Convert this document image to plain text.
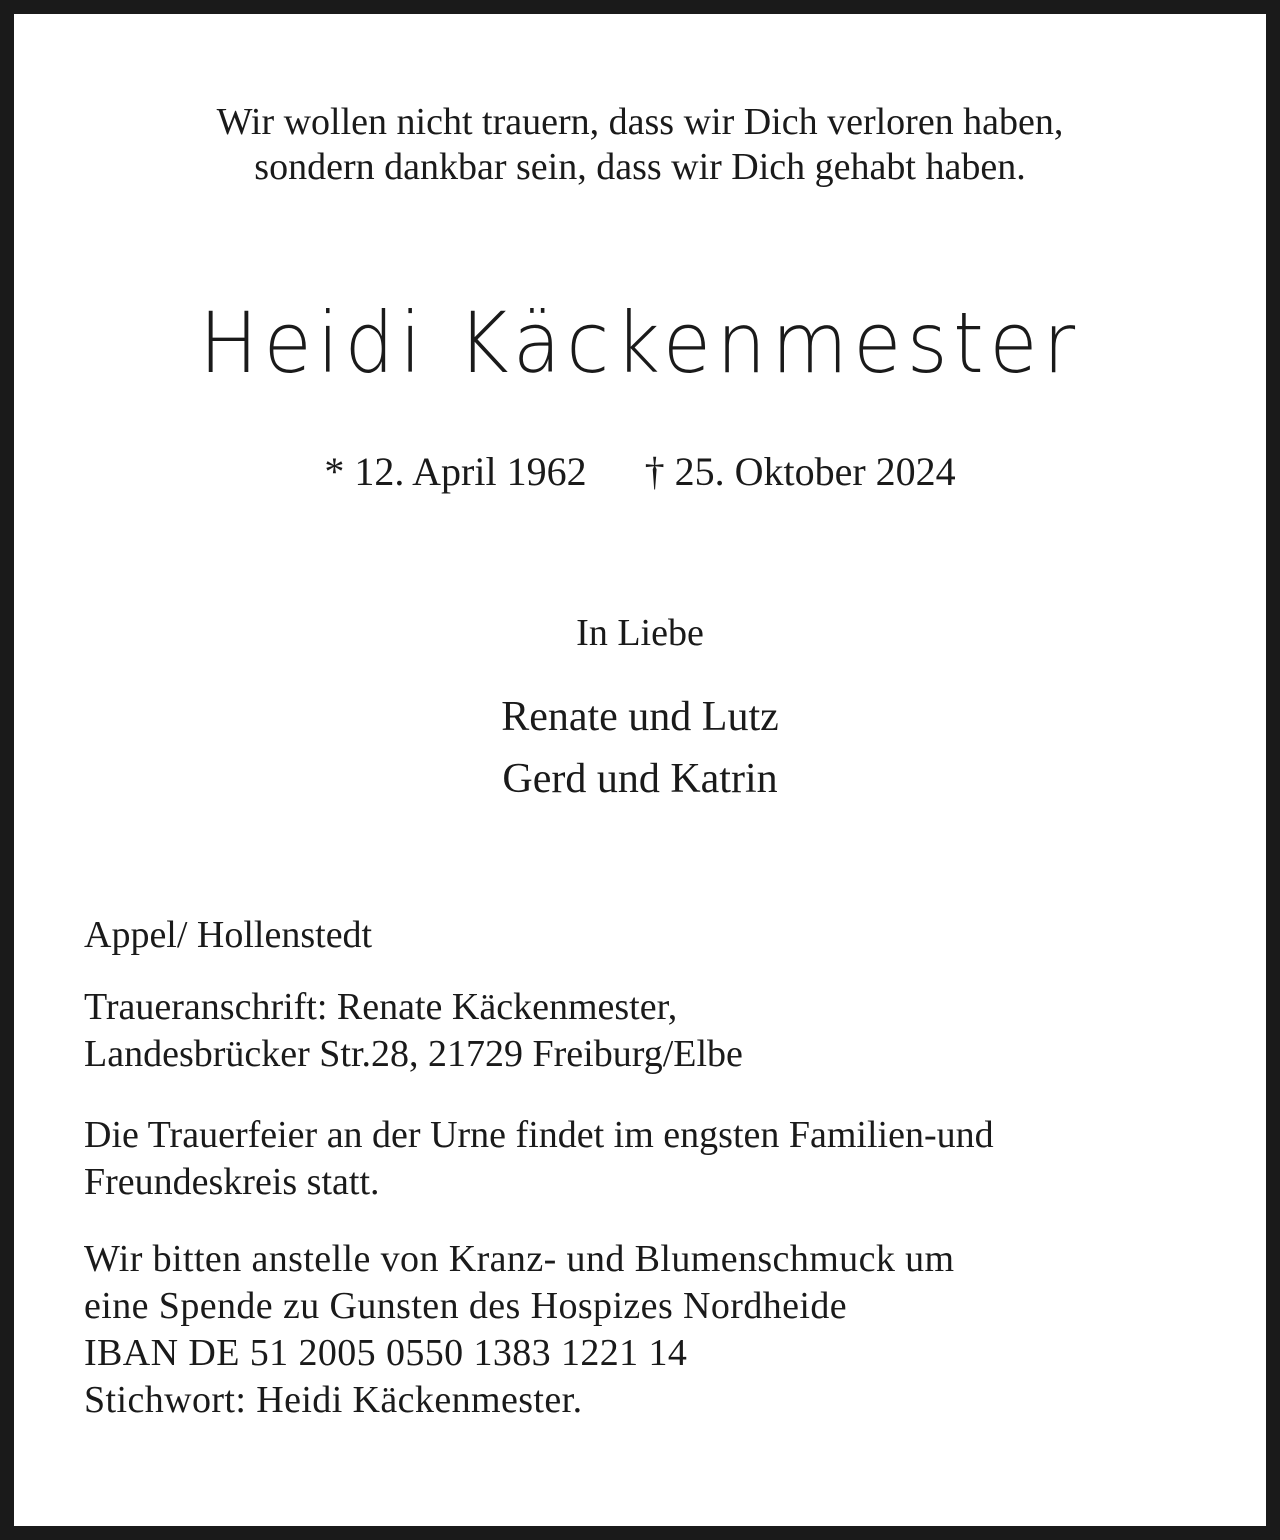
Wir wollen nicht trauern, dass wir Dich verloren haben,
sondern dankbar sein, dass wir Dich gehabt haben.
Heidi Käckenmester
* 12. April 1962 † 25. Oktober 2024
In Liebe
Renate und Lutz
Gerd und Katrin
Appel/ Hollenstedt
Traueranschrift: Renate Käckenmester,
Landesbrücker Str.28, 21729 Freiburg/Elbe
Die Trauerfeier an der Urne findet im engsten Familien-und
Freundeskreis statt.
Wir bitten anstelle von Kranz- und Blumenschmuck um
eine Spende zu Gunsten des Hospizes Nordheide
IBAN DE 51 2005 0550 1383 1221 14
Stichwort: Heidi Käckenmester.
